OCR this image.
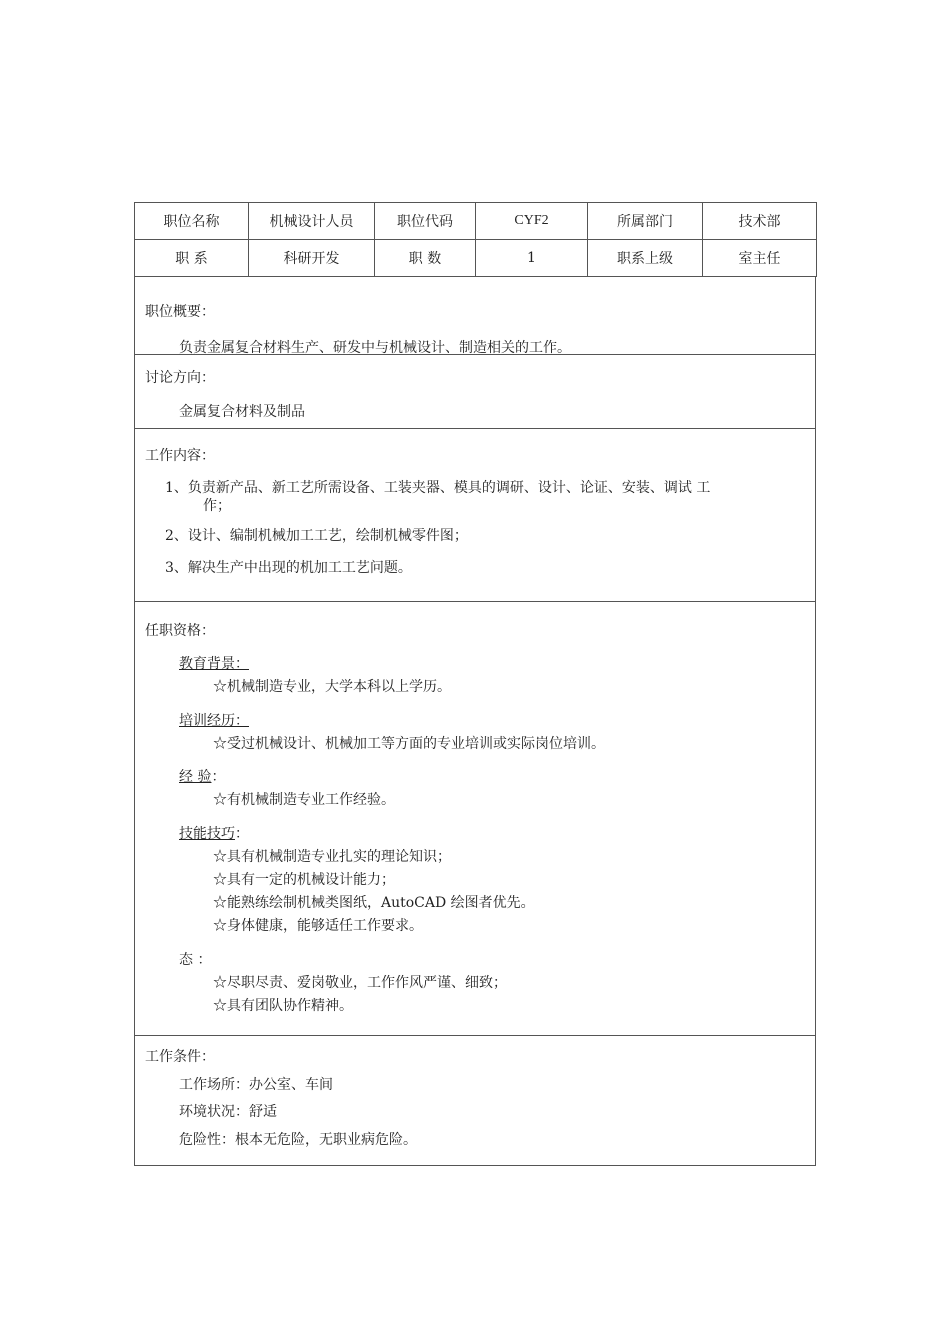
职位名称	机械设计人员	职位代码	CYF2	所属部门	技术部
职 系	科研开发	职 数	1	职系上级	室主任
职位概要：
负责金属复合材料生产、研发中与机械设计、制造相关的工作。
讨论方向：
金属复合材料及制品
工作内容：
1、负责新产品、新工艺所需设备、工装夹器、模具的调研、设计、论证、安装、调试 工
作；
2、设计、编制机械加工工艺，绘制机械零件图；
3、解决生产中出现的机加工工艺问题。
任职资格：
教育背景：
☆机械制造专业，大学本科以上学历。
培训经历：
☆受过机械设计、机械加工等方面的专业培训或实际岗位培训。
经 验：
☆有机械制造专业工作经验。
技能技巧：
☆具有机械制造专业扎实的理论知识；
☆具有一定的机械设计能力；
☆能熟练绘制机械类图纸，AutoCAD 绘图者优先。
☆身体健康，能够适任工作要求。
态 ：
☆尽职尽责、爱岗敬业，工作作风严谨、细致；
☆具有团队协作精神。
工作条件：
工作场所：办公室、车间
环境状况：舒适
危险性：根本无危险，无职业病危险。
